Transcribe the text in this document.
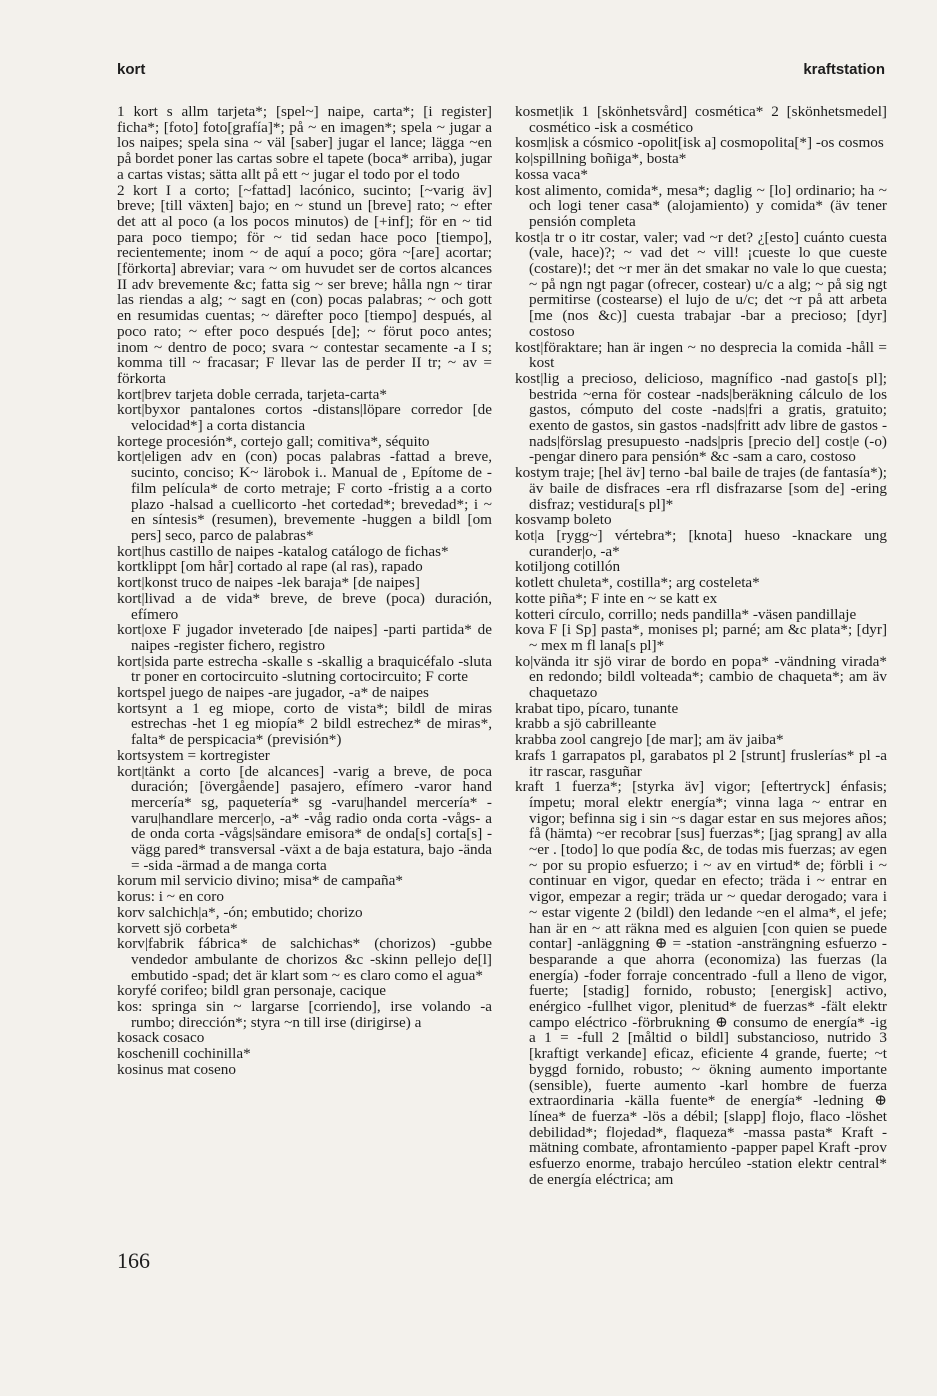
kort	kraftstation

1 kort s allm tarjeta*; [spel~] naipe, carta*; [i register] ficha*; [foto] foto[grafía]*; på ~ en imagen*; spela ~ jugar a los naipes; spela sina ~ väl [saber] jugar el lance; lägga ~en på bordet poner las cartas sobre el tapete (boca* arriba), jugar a cartas vistas; sätta allt på ett ~ jugar el todo por el todo

2 kort I a corto; [~fattad] lacónico, sucinto; [~varig äv] breve; [till växten] bajo; en ~ stund un [breve] rato; ~ efter det att al poco (a los pocos minutos) de [+inf]; för en ~ tid para poco tiempo; för ~ tid sedan hace poco [tiempo], recientemente; inom ~ de aquí a poco; göra ~[are] acortar; [förkorta] abreviar; vara ~ om huvudet ser de cortos alcances II adv brevemente &c; fatta sig ~ ser breve; hålla ngn ~ tirar las riendas a alg; ~ sagt en (con) pocas palabras; ~ och gott en resumidas cuentas; ~ därefter poco [tiempo] después, al poco rato; ~ efter poco después [de]; ~ förut poco antes; inom ~ dentro de poco; svara ~ contestar secamente -a I s; komma till ~ fracasar; F llevar las de perder II tr; ~ av = förkorta

kort|brev tarjeta doble cerrada, tarjeta-carta*

kort|byxor pantalones cortos -distans|löpare corredor [de velocidad*] a corta distancia

kortege procesión*, cortejo gall; comitiva*, séquito

kort|eligen adv en (con) pocas palabras -fattad a breve, sucinto, conciso; K~ lärobok i.. Manual de , Epítome de -film película* de corto metraje; F corto -fristig a a corto plazo -halsad a cuellicorto -het cortedad*; brevedad*; i ~ en síntesis* (resumen), brevemente -huggen a bildl [om pers] seco, parco de palabras*

kort|hus castillo de naipes -katalog catálogo de fichas*

kortklippt [om hår] cortado al rape (al ras), rapado

kort|konst truco de naipes -lek baraja* [de naipes]

kort|livad a de vida* breve, de breve (poca) duración, efímero

kort|oxe F jugador inveterado [de naipes] -parti partida* de naipes -register fichero, registro

kort|sida parte estrecha -skalle s -skallig a braquicéfalo -sluta tr poner en cortocircuito -slutning cortocircuito; F corte

kortspel juego de naipes -are jugador, -a* de naipes

kortsynt a 1 eg miope, corto de vista*; bildl de miras estrechas -het 1 eg miopía* 2 bildl estrechez* de miras*, falta* de perspicacia* (previsión*)

kortsystem = kortregister

kort|tänkt a corto [de alcances] -varig a breve, de poca duración; [övergående] pasajero, efímero -varor hand mercería* sg, paquetería* sg -varu|handel mercería* -varu|handlare mercer|o, -a* -våg radio onda corta -vågs- a de onda corta -vågs|sändare emisora* de onda[s] corta[s] -vägg pared* transversal -växt a de baja estatura, bajo -ända = -sida -ärmad a de manga corta

korum mil servicio divino; misa* de campaña*

korus: i ~ en coro

korv salchich|a*, -ón; embutido; chorizo

korvett sjö corbeta*

korv|fabrik fábrica* de salchichas* (chorizos) -gubbe vendedor ambulante de chorizos &c -skinn pellejo de[l] embutido -spad; det är klart som ~ es claro como el agua*

koryfé corifeo; bildl gran personaje, cacique

kos: springa sin ~ largarse [corriendo], irse volando -a rumbo; dirección*; styra ~n till irse (dirigirse) a

kosack cosaco

koschenill cochinilla*

kosinus mat coseno

kosmet|ik 1 [skönhetsvård] cosmética* 2 [skönhetsmedel] cosmético -isk a cosmético

kosm|isk a cósmico -opolit[isk a] cosmopolita[*] -os cosmos

ko|spillning boñiga*, bosta*

kossa vaca*

kost alimento, comida*, mesa*; daglig ~ [lo] ordinario; ha ~ och logi tener casa* (alojamiento) y comida* (äv tener pensión completa

kost|a tr o itr costar, valer; vad ~r det? ¿[esto] cuánto cuesta (vale, hace)?; ~ vad det ~ vill! ¡cueste lo que cueste (costare)!; det ~r mer än det smakar no vale lo que cuesta; ~ på ngn ngt pagar (ofrecer, costear) u/c a alg; ~ på sig ngt permitirse (costearse) el lujo de u/c; det ~r på att arbeta [me (nos &c)] cuesta trabajar -bar a precioso; [dyr] costoso

kost|föraktare; han är ingen ~ no desprecia la comida -håll = kost

kost|lig a precioso, delicioso, magnífico -nad gasto[s pl]; bestrida ~erna för costear -nads|beräkning cálculo de los gastos, cómputo del coste -nads|fri a gratis, gratuito; exento de gastos, sin gastos -nads|fritt adv libre de gastos -nads|förslag presupuesto -nads|pris [precio del] cost|e (-o) -pengar dinero para pensión* &c -sam a caro, costoso

kostym traje; [hel äv] terno -bal baile de trajes (de fantasía*); äv baile de disfraces -era rfl disfrazarse [som de] -ering disfraz; vestidura[s pl]*

kosvamp boleto

kot|a [rygg~] vértebra*; [knota] hueso -knackare ung curander|o, -a*

kotiljong cotillón

kotlett chuleta*, costilla*; arg costeleta*

kotte piña*; F inte en ~ se katt ex

kotteri círculo, corrillo; neds pandilla* -väsen pandillaje

kova F [i Sp] pasta*, monises pl; parné; am &c plata*; [dyr] ~ mex m fl lana[s pl]*

ko|vända itr sjö virar de bordo en popa* -vändning virada* en redondo; bildl volteada*; cambio de chaqueta*; am äv chaquetazo

krabat tipo, pícaro, tunante

krabb a sjö cabrilleante

krabba zool cangrejo [de mar]; am äv jaiba*

krafs 1 garrapatos pl, garabatos pl 2 [strunt] fruslerías* pl -a itr rascar, rasguñar

kraft 1 fuerza*; [styrka äv] vigor; [eftertryck] énfasis; ímpetu; moral elektr energía*; vinna laga ~ entrar en vigor; befinna sig i sin ~s dagar estar en sus mejores años; få (hämta) ~er recobrar [sus] fuerzas*; [jag sprang] av alla ~er . [todo] lo que podía &c, de todas mis fuerzas; av egen ~ por su propio esfuerzo; i ~ av en virtud* de; förbli i ~ continuar en vigor, quedar en efecto; träda i ~ entrar en vigor, empezar a regir; träda ur ~ quedar derogado; vara i ~ estar vigente 2 (bildl) den ledande ~en el alma*, el jefe; han är en ~ att räkna med es alguien [con quien se puede contar] -anläggning ⊕ = -station -ansträngning esfuerzo -besparande a que ahorra (economiza) las fuerzas (la energía) -foder forraje concentrado -full a lleno de vigor, fuerte; [stadig] fornido, robusto; [energisk] activo, enérgico -fullhet vigor, plenitud* de fuerzas* -fält elektr campo eléctrico -förbrukning ⊕ consumo de energía* -ig a 1 = -full 2 [måltid o bildl] substancioso, nutrido 3 [kraftigt verkande] eficaz, eficiente 4 grande, fuerte; ~t byggd fornido, robusto; ~ ökning aumento importante (sensible), fuerte aumento -karl hombre de fuerza extraordinaria -källa fuente* de energía* -ledning ⊕ línea* de fuerza* -lös a débil; [slapp] flojo, flaco -löshet debilidad*; flojedad*, flaqueza* -massa pasta* Kraft -mätning combate, afrontamiento -papper papel Kraft -prov esfuerzo enorme, trabajo hercúleo -station elektr central* de energía eléctrica; am

166
